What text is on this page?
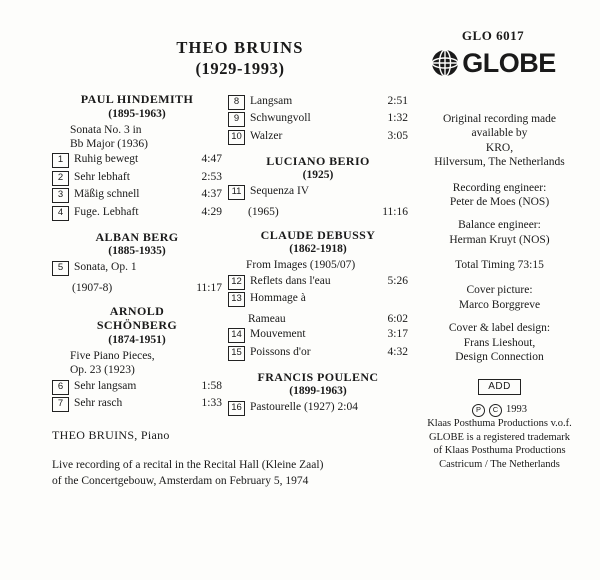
THEO BRUINS
(1929-1993)
GLO 6017
GLOBE
PAUL HINDEMITH
(1895-1963)
Sonata No. 3 in
Bb Major (1936)
1 Ruhig bewegt	4:47
2 Sehr lebhaft	2:53
3 Mäßig schnell	4:37
4 Fuge. Lebhaft	4:29
ALBAN BERG
(1885-1935)
5 Sonata, Op. 1
(1907-8)	11:17
ARNOLD
SCHÖNBERG
(1874-1951)
Five Piano Pieces,
Op. 23 (1923)
6 Sehr langsam	1:58
7 Sehr rasch	1:33
8 Langsam	2:51
9 Schwungvoll	1:32
10 Walzer	3:05
LUCIANO BERIO
(1925)
11 Sequenza IV
(1965)	11:16
CLAUDE DEBUSSY
(1862-1918)
From Images (1905/07)
12 Reflets dans l'eau	5:26
13 Hommage à
Rameau	6:02
14 Mouvement	3:17
15 Poissons d'or	4:32
FRANCIS POULENC
(1899-1963)
16 Pastourelle (1927) 2:04
Original recording made
available by
KRO,
Hilversum, The Netherlands
Recording engineer:
Peter de Moes (NOS)
Balance engineer:
Herman Kruyt (NOS)
Total Timing 73:15
Cover picture:
Marco Borggreve
Cover & label design:
Frans Lieshout,
Design Connection
ADD
P	C 1993
Klaas Posthuma Productions v.o.f.
GLOBE is a registered trademark
of Klaas Posthuma Productions
Castricum / The Netherlands
THEO BRUINS, Piano
Live recording of a recital in the Recital Hall (Kleine Zaal)
of the Concertgebouw, Amsterdam on February 5, 1974
